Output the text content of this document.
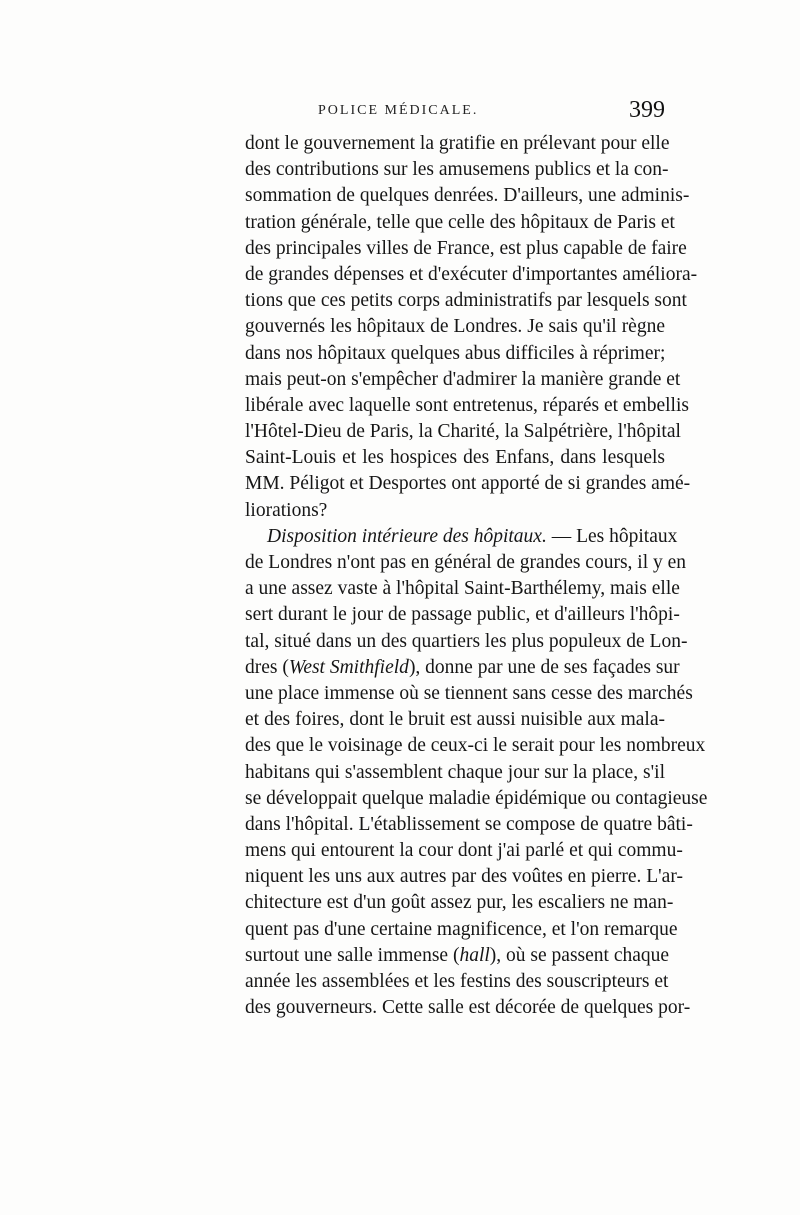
POLICE MÉDICALE.	399
dont le gouvernement la gratifie en prélevant pour elle
des contributions sur les amusemens publics et la con-
sommation de quelques denrées. D'ailleurs, une adminis-
tration générale, telle que celle des hôpitaux de Paris et
des principales villes de France, est plus capable de faire
de grandes dépenses et d'exécuter d'importantes améliora-
tions que ces petits corps administratifs par lesquels sont
gouvernés les hôpitaux de Londres. Je sais qu'il règne
dans nos hôpitaux quelques abus difficiles à réprimer;
mais peut-on s'empêcher d'admirer la manière grande et
libérale avec laquelle sont entretenus, réparés et embellis
l'Hôtel-Dieu de Paris, la Charité, la Salpétrière, l'hôpital
Saint-Louis et les hospices des Enfans, dans lesquels
MM. Péligot et Desportes ont apporté de si grandes amé-
liorations?
Disposition intérieure des hôpitaux. — Les hôpitaux
de Londres n'ont pas en général de grandes cours, il y en
a une assez vaste à l'hôpital Saint-Barthélemy, mais elle
sert durant le jour de passage public, et d'ailleurs l'hôpi-
tal, situé dans un des quartiers les plus populeux de Lon-
dres (West Smithfield), donne par une de ses façades sur
une place immense où se tiennent sans cesse des marchés
et des foires, dont le bruit est aussi nuisible aux mala-
des que le voisinage de ceux-ci le serait pour les nombreux
habitans qui s'assemblent chaque jour sur la place, s'il
se développait quelque maladie épidémique ou contagieuse
dans l'hôpital. L'établissement se compose de quatre bâti-
mens qui entourent la cour dont j'ai parlé et qui commu-
niquent les uns aux autres par des voûtes en pierre. L'ar-
chitecture est d'un goût assez pur, les escaliers ne man-
quent pas d'une certaine magnificence, et l'on remarque
surtout une salle immense (hall), où se passent chaque
année les assemblées et les festins des souscripteurs et
des gouverneurs. Cette salle est décorée de quelques por-
